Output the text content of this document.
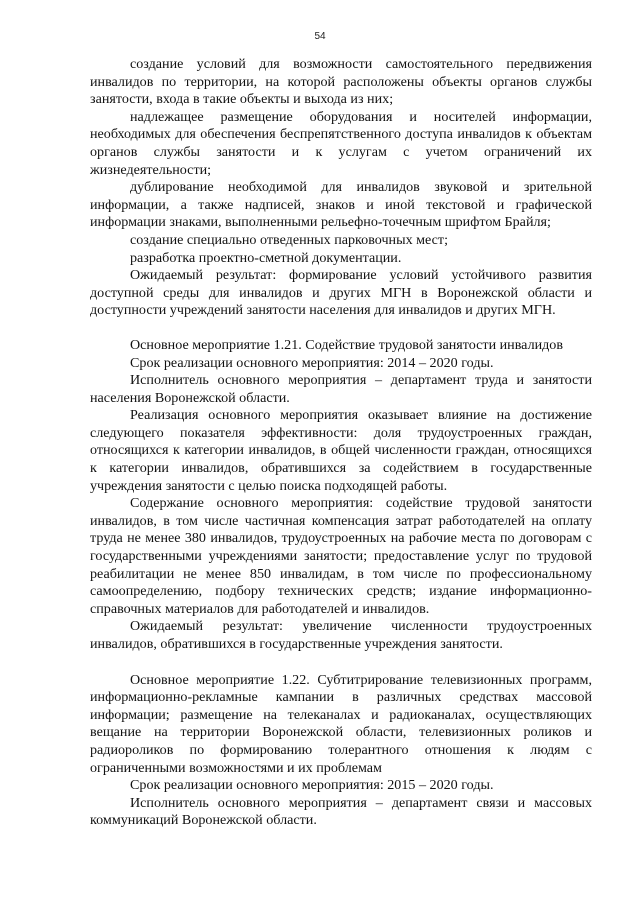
54

создание условий для возможности самостоятельного передвижения инвалидов по территории, на которой расположены объекты органов службы занятости, входа в такие объекты и выхода из них;

надлежащее размещение оборудования и носителей информации, необходимых для обеспечения беспрепятственного доступа инвалидов к объектам органов службы занятости и к услугам с учетом ограничений их жизнедеятельности;

дублирование необходимой для инвалидов звуковой и зрительной информации, а также надписей, знаков и иной текстовой и графической информации знаками, выполненными рельефно-точечным шрифтом Брайля;

создание специально отведенных парковочных мест;

разработка проектно-сметной документации.

Ожидаемый результат: формирование условий устойчивого развития доступной среды для инвалидов и других МГН в Воронежской области и доступности учреждений занятости населения для инвалидов и других МГН.

Основное мероприятие 1.21. Содействие трудовой занятости инвалидов

Срок реализации основного мероприятия: 2014 – 2020 годы.

Исполнитель основного мероприятия – департамент труда и занятости населения Воронежской области.

Реализация основного мероприятия оказывает влияние на достижение следующего показателя эффективности: доля трудоустроенных граждан, относящихся к категории инвалидов, в общей численности граждан, относящихся к категории инвалидов, обратившихся за содействием в государственные учреждения занятости с целью поиска подходящей работы.

Содержание основного мероприятия: содействие трудовой занятости инвалидов, в том числе частичная компенсация затрат работодателей на оплату труда не менее 380 инвалидов, трудоустроенных на рабочие места по договорам с государственными учреждениями занятости; предоставление услуг по трудовой реабилитации не менее 850 инвалидам, в том числе по профессиональному самоопределению, подбору технических средств; издание информационно-справочных материалов для работодателей и инвалидов.

Ожидаемый результат: увеличение численности трудоустроенных инвалидов, обратившихся в государственные учреждения занятости.

Основное мероприятие 1.22. Субтитрирование телевизионных программ, информационно-рекламные кампании в различных средствах массовой информации; размещение на телеканалах и радиоканалах, осуществляющих вещание на территории Воронежской области, телевизионных роликов и радиороликов по формированию толерантного отношения к людям с ограниченными возможностями и их проблемам

Срок реализации основного мероприятия: 2015 – 2020 годы.

Исполнитель основного мероприятия – департамент связи и массовых коммуникаций Воронежской области.
